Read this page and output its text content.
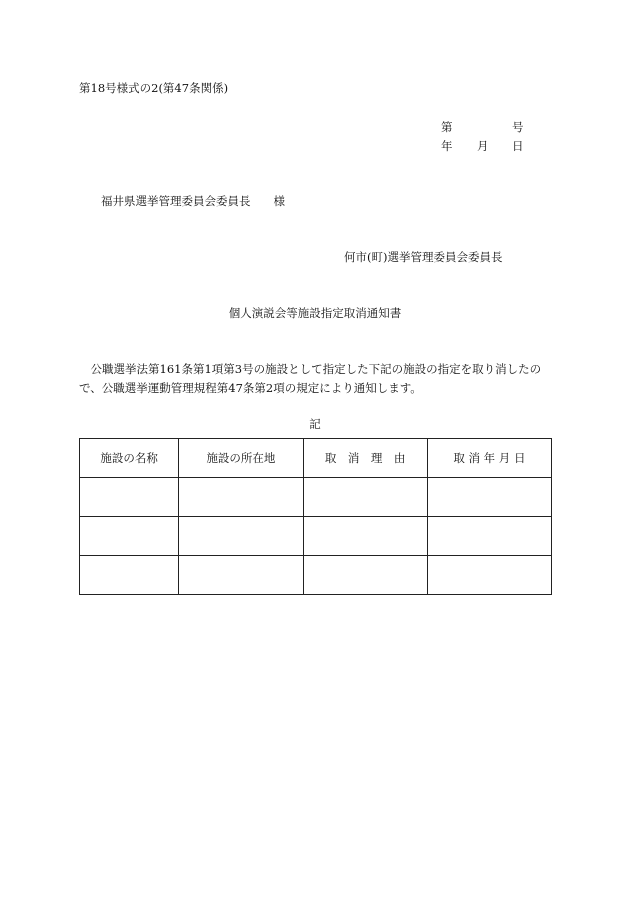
第18号様式の2(第47条関係)
第	号
年 月 日
福井県選挙管理委員会委員長　　様
何市(町)選挙管理委員会委員長
個人演説会等施設指定取消通知書

　公職選挙法第161条第1項第3号の施設として指定した下記の施設の指定を取り消したの

で、公職選挙運動管理規程第47条第2項の規定により通知します。

記
施設の名称	施設の所在地	取　消　理　由	取 消 年 月 日
